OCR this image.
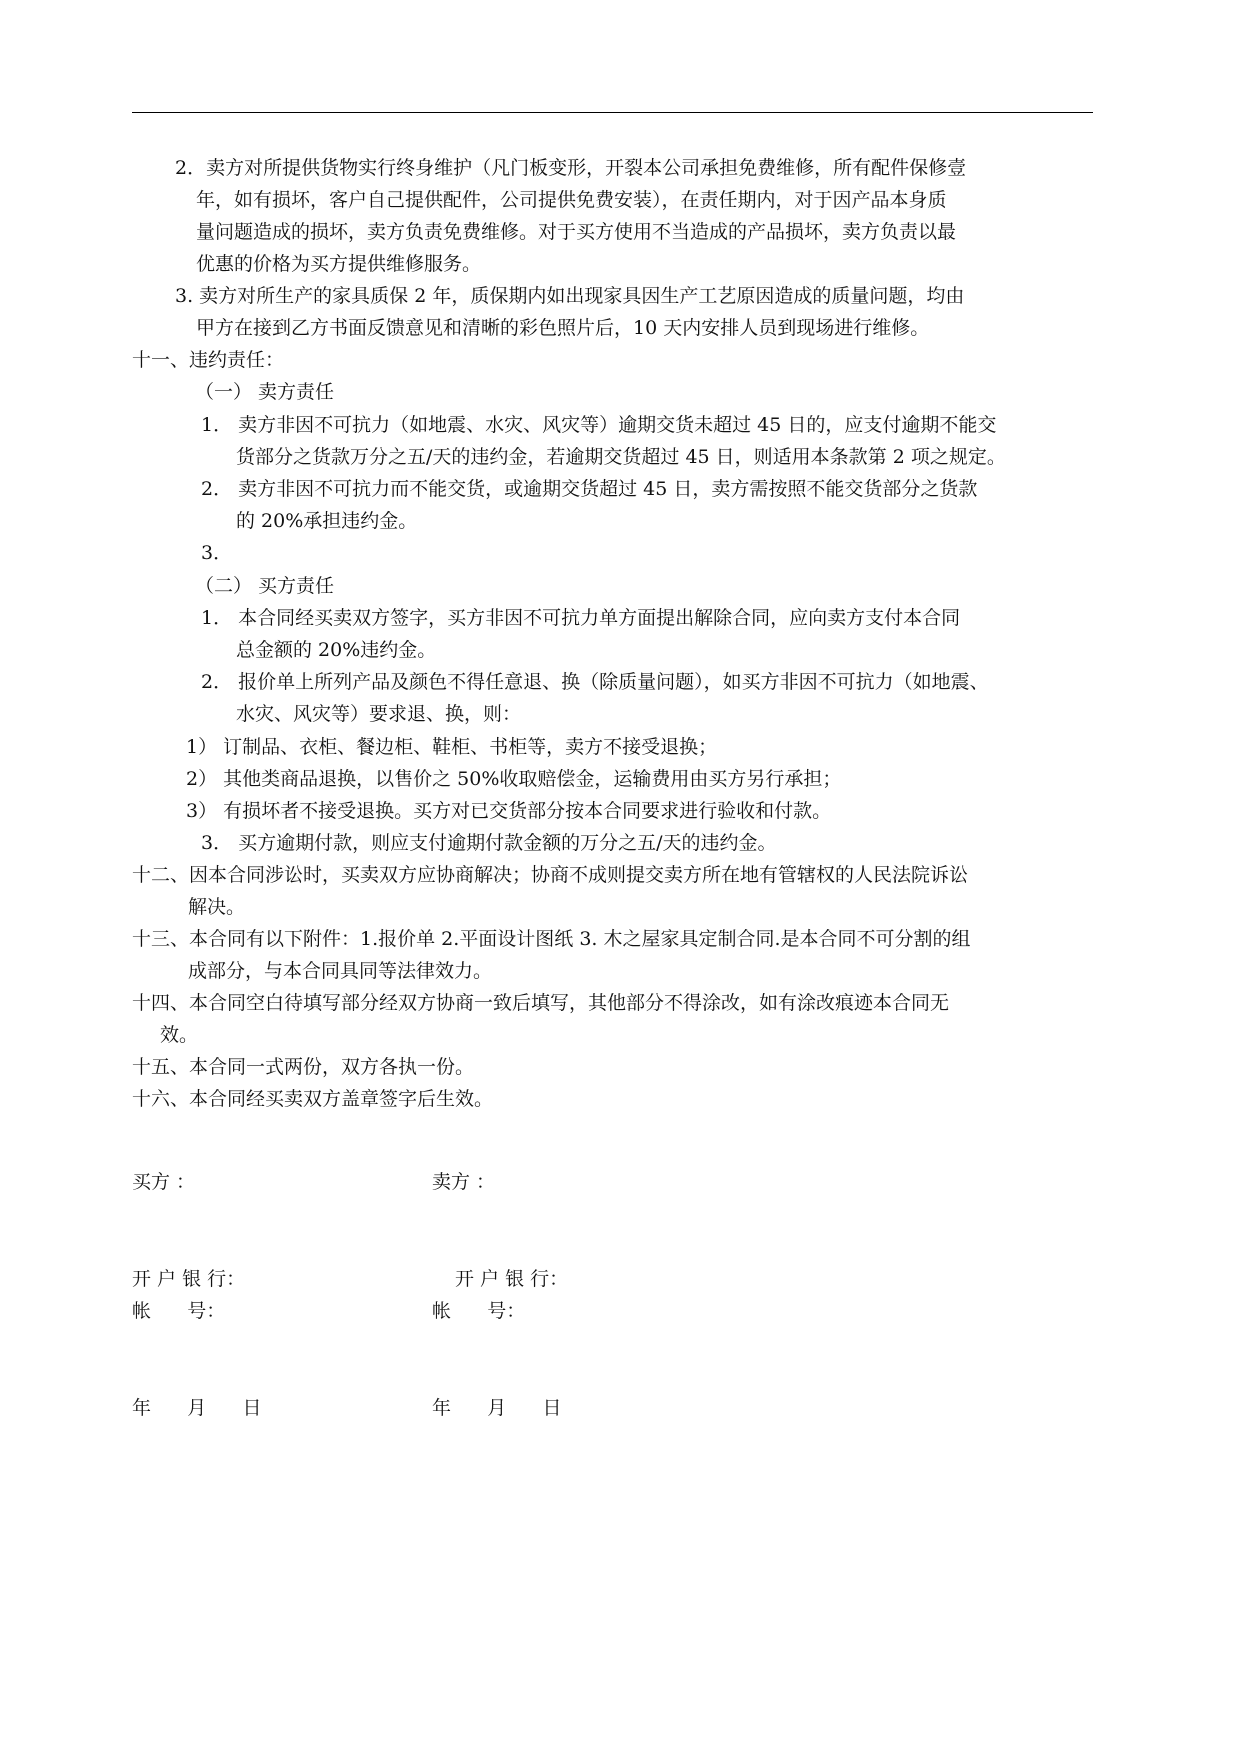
2．卖方对所提供货物实行终身维护（凡门板变形，开裂本公司承担免费维修，所有配件保修壹
年，如有损坏，客户自己提供配件，公司提供免费安装），在责任期内，对于因产品本身质
量问题造成的损坏，卖方负责免费维修。对于买方使用不当造成的产品损坏，卖方负责以最
优惠的价格为买方提供维修服务。
3. 卖方对所生产的家具质保 2 年，质保期内如出现家具因生产工艺原因造成的质量问题，均由
甲方在接到乙方书面反馈意见和清晰的彩色照片后，10 天内安排人员到现场进行维修。
十一、违约责任：
（一） 卖方责任
1． 卖方非因不可抗力（如地震、水灾、风灾等）逾期交货未超过 45 日的，应支付逾期不能交
货部分之货款万分之五/天的违约金，若逾期交货超过 45 日，则适用本条款第 2 项之规定。
2． 卖方非因不可抗力而不能交货，或逾期交货超过 45 日，卖方需按照不能交货部分之货款
的 20%承担违约金。
3．
（二） 买方责任
1． 本合同经买卖双方签字，买方非因不可抗力单方面提出解除合同，应向卖方支付本合同
总金额的 20%违约金。
2． 报价单上所列产品及颜色不得任意退、换（除质量问题），如买方非因不可抗力（如地震、
水灾、风灾等）要求退、换，则：
1） 订制品、衣柜、餐边柜、鞋柜、书柜等，卖方不接受退换；
2） 其他类商品退换，以售价之 50%收取赔偿金，运输费用由买方另行承担；
3） 有损坏者不接受退换。买方对已交货部分按本合同要求进行验收和付款。
3． 买方逾期付款，则应支付逾期付款金额的万分之五/天的违约金。
十二、因本合同涉讼时，买卖双方应协商解决；协商不成则提交卖方所在地有管辖权的人民法院诉讼
解决。
十三、本合同有以下附件：1.报价单 2.平面设计图纸 3. 木之屋家具定制合同.是本合同不可分割的组
成部分，与本合同具同等法律效力。
十四、本合同空白待填写部分经双方协商一致后填写，其他部分不得涂改，如有涂改痕迹本合同无
效。
十五、本合同一式两份，双方各执一份。
十六、本合同经买卖双方盖章签字后生效。
买方 ：	卖方 ：
开 户 银 行：	开 户 银 行：
帐      号：	帐      号：
年      月      日	年      月      日
